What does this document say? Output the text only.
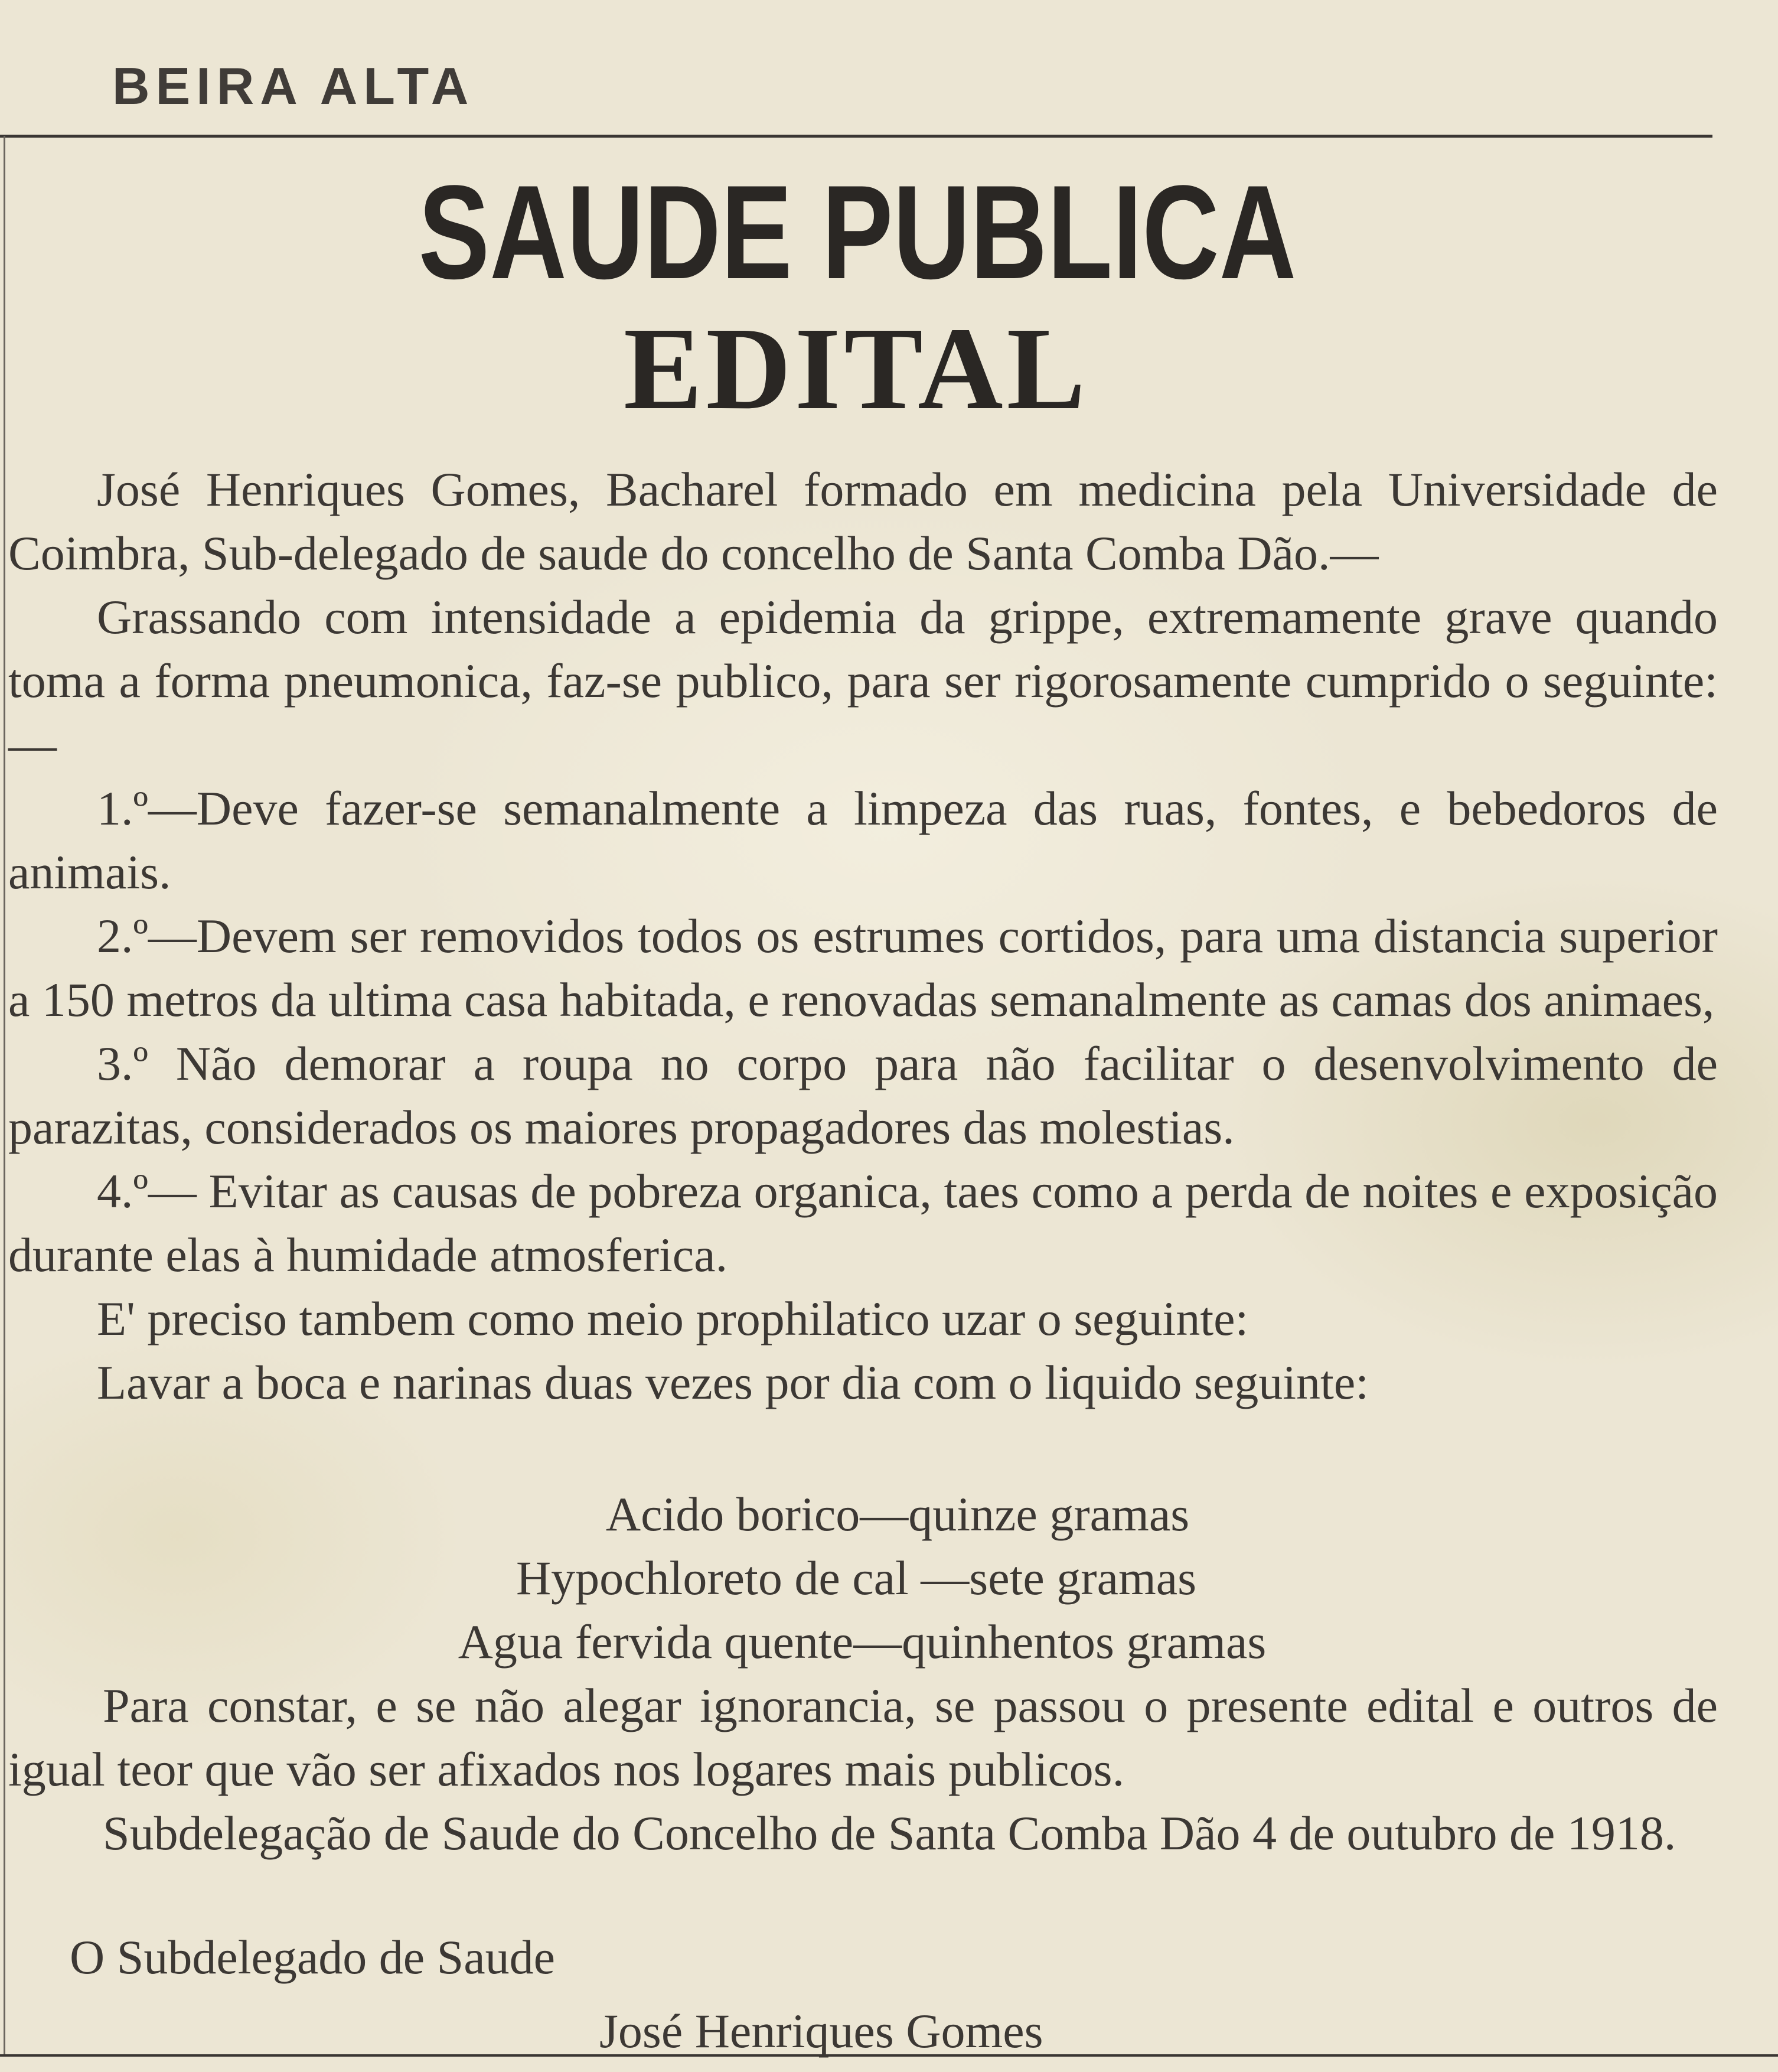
BEIRA ALTA
SAUDE PUBLICA
EDITAL

José Henriques Gomes, Bacharel formado em medicina pela Universidade de Coimbra, Sub-delegado de saude do concelho de Santa Comba Dão.—

Grassando com intensidade a epidemia da grippe, extremamente grave quando toma a forma pneumonica, faz-se publico, para ser rigorosamente cumprido o seguinte:—

1.º—Deve fazer-se semanalmente a limpeza das ruas, fontes, e bebedoros de animais.

2.º—Devem ser removidos todos os estrumes cortidos, para uma distancia superior a 150 metros da ultima casa habitada, e renovadas semanalmente as camas dos animaes,

3.º Não demorar a roupa no corpo para não facilitar o desenvolvimento de parazitas, considerados os maiores propagadores das molestias.

4.º— Evitar as causas de pobreza organica, taes como a perda de noites e exposição durante elas à humidade atmosferica.

E' preciso tambem como meio prophilatico uzar o seguinte:

Lavar a boca e narinas duas vezes por dia com o liquido seguinte:

Acido borico—quinze gramas
Hypochloreto de cal —sete gramas
Agua fervida quente—quinhentos gramas

Para constar, e se não alegar ignorancia, se passou o presente edital e outros de igual teor que vão ser afixados nos logares mais publicos.

Subdelegação de Saude do Concelho de Santa Comba Dão 4 de outubro de 1918.

O Subdelegado de Saude
José Henriques Gomes
